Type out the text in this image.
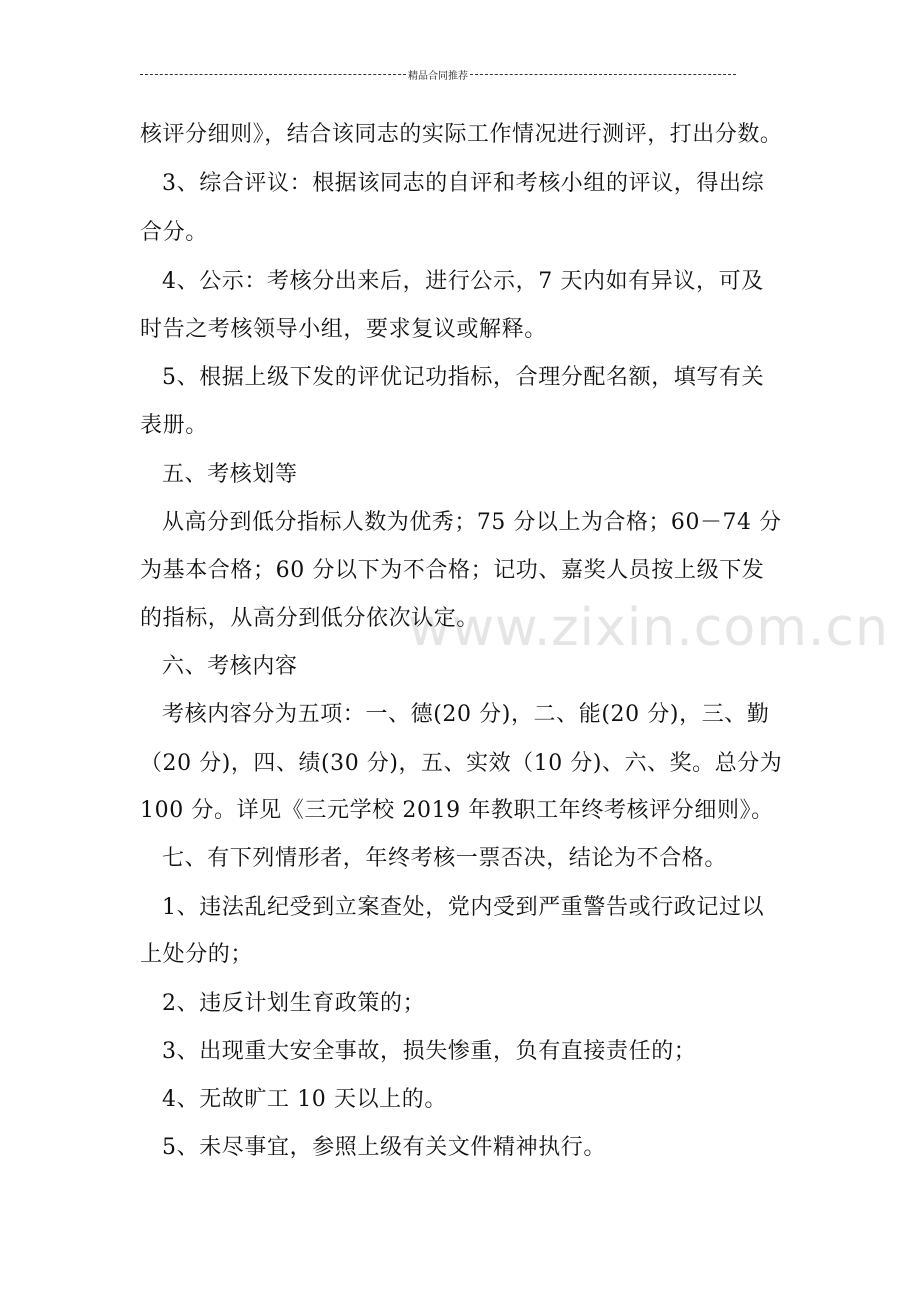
精品合同推荐
www.zixin.com.cn
核评分细则》，结合该同志的实际工作情况进行测评，打出分数。
3、综合评议：根据该同志的自评和考核小组的评议，得出综
合分。
4、公示：考核分出来后，进行公示，7 天内如有异议，可及
时告之考核领导小组，要求复议或解释。
5、根据上级下发的评优记功指标，合理分配名额，填写有关
表册。
五、考核划等
从高分到低分指标人数为优秀；75 分以上为合格；60－74 分
为基本合格；60 分以下为不合格；记功、嘉奖人员按上级下发
的指标，从高分到低分依次认定。
六、考核内容
考核内容分为五项：一、德(20 分)，二、能(20 分)，三、勤
（20 分)，四、绩(30 分)，五、实效（10 分)、六、奖。总分为
100 分。详见《三元学校 2019 年教职工年终考核评分细则》。
七、有下列情形者，年终考核一票否决，结论为不合格。
1、违法乱纪受到立案查处，党内受到严重警告或行政记过以
上处分的；
2、违反计划生育政策的；
3、出现重大安全事故，损失惨重，负有直接责任的；
4、无故旷工 10 天以上的。
5、未尽事宜，参照上级有关文件精神执行。
